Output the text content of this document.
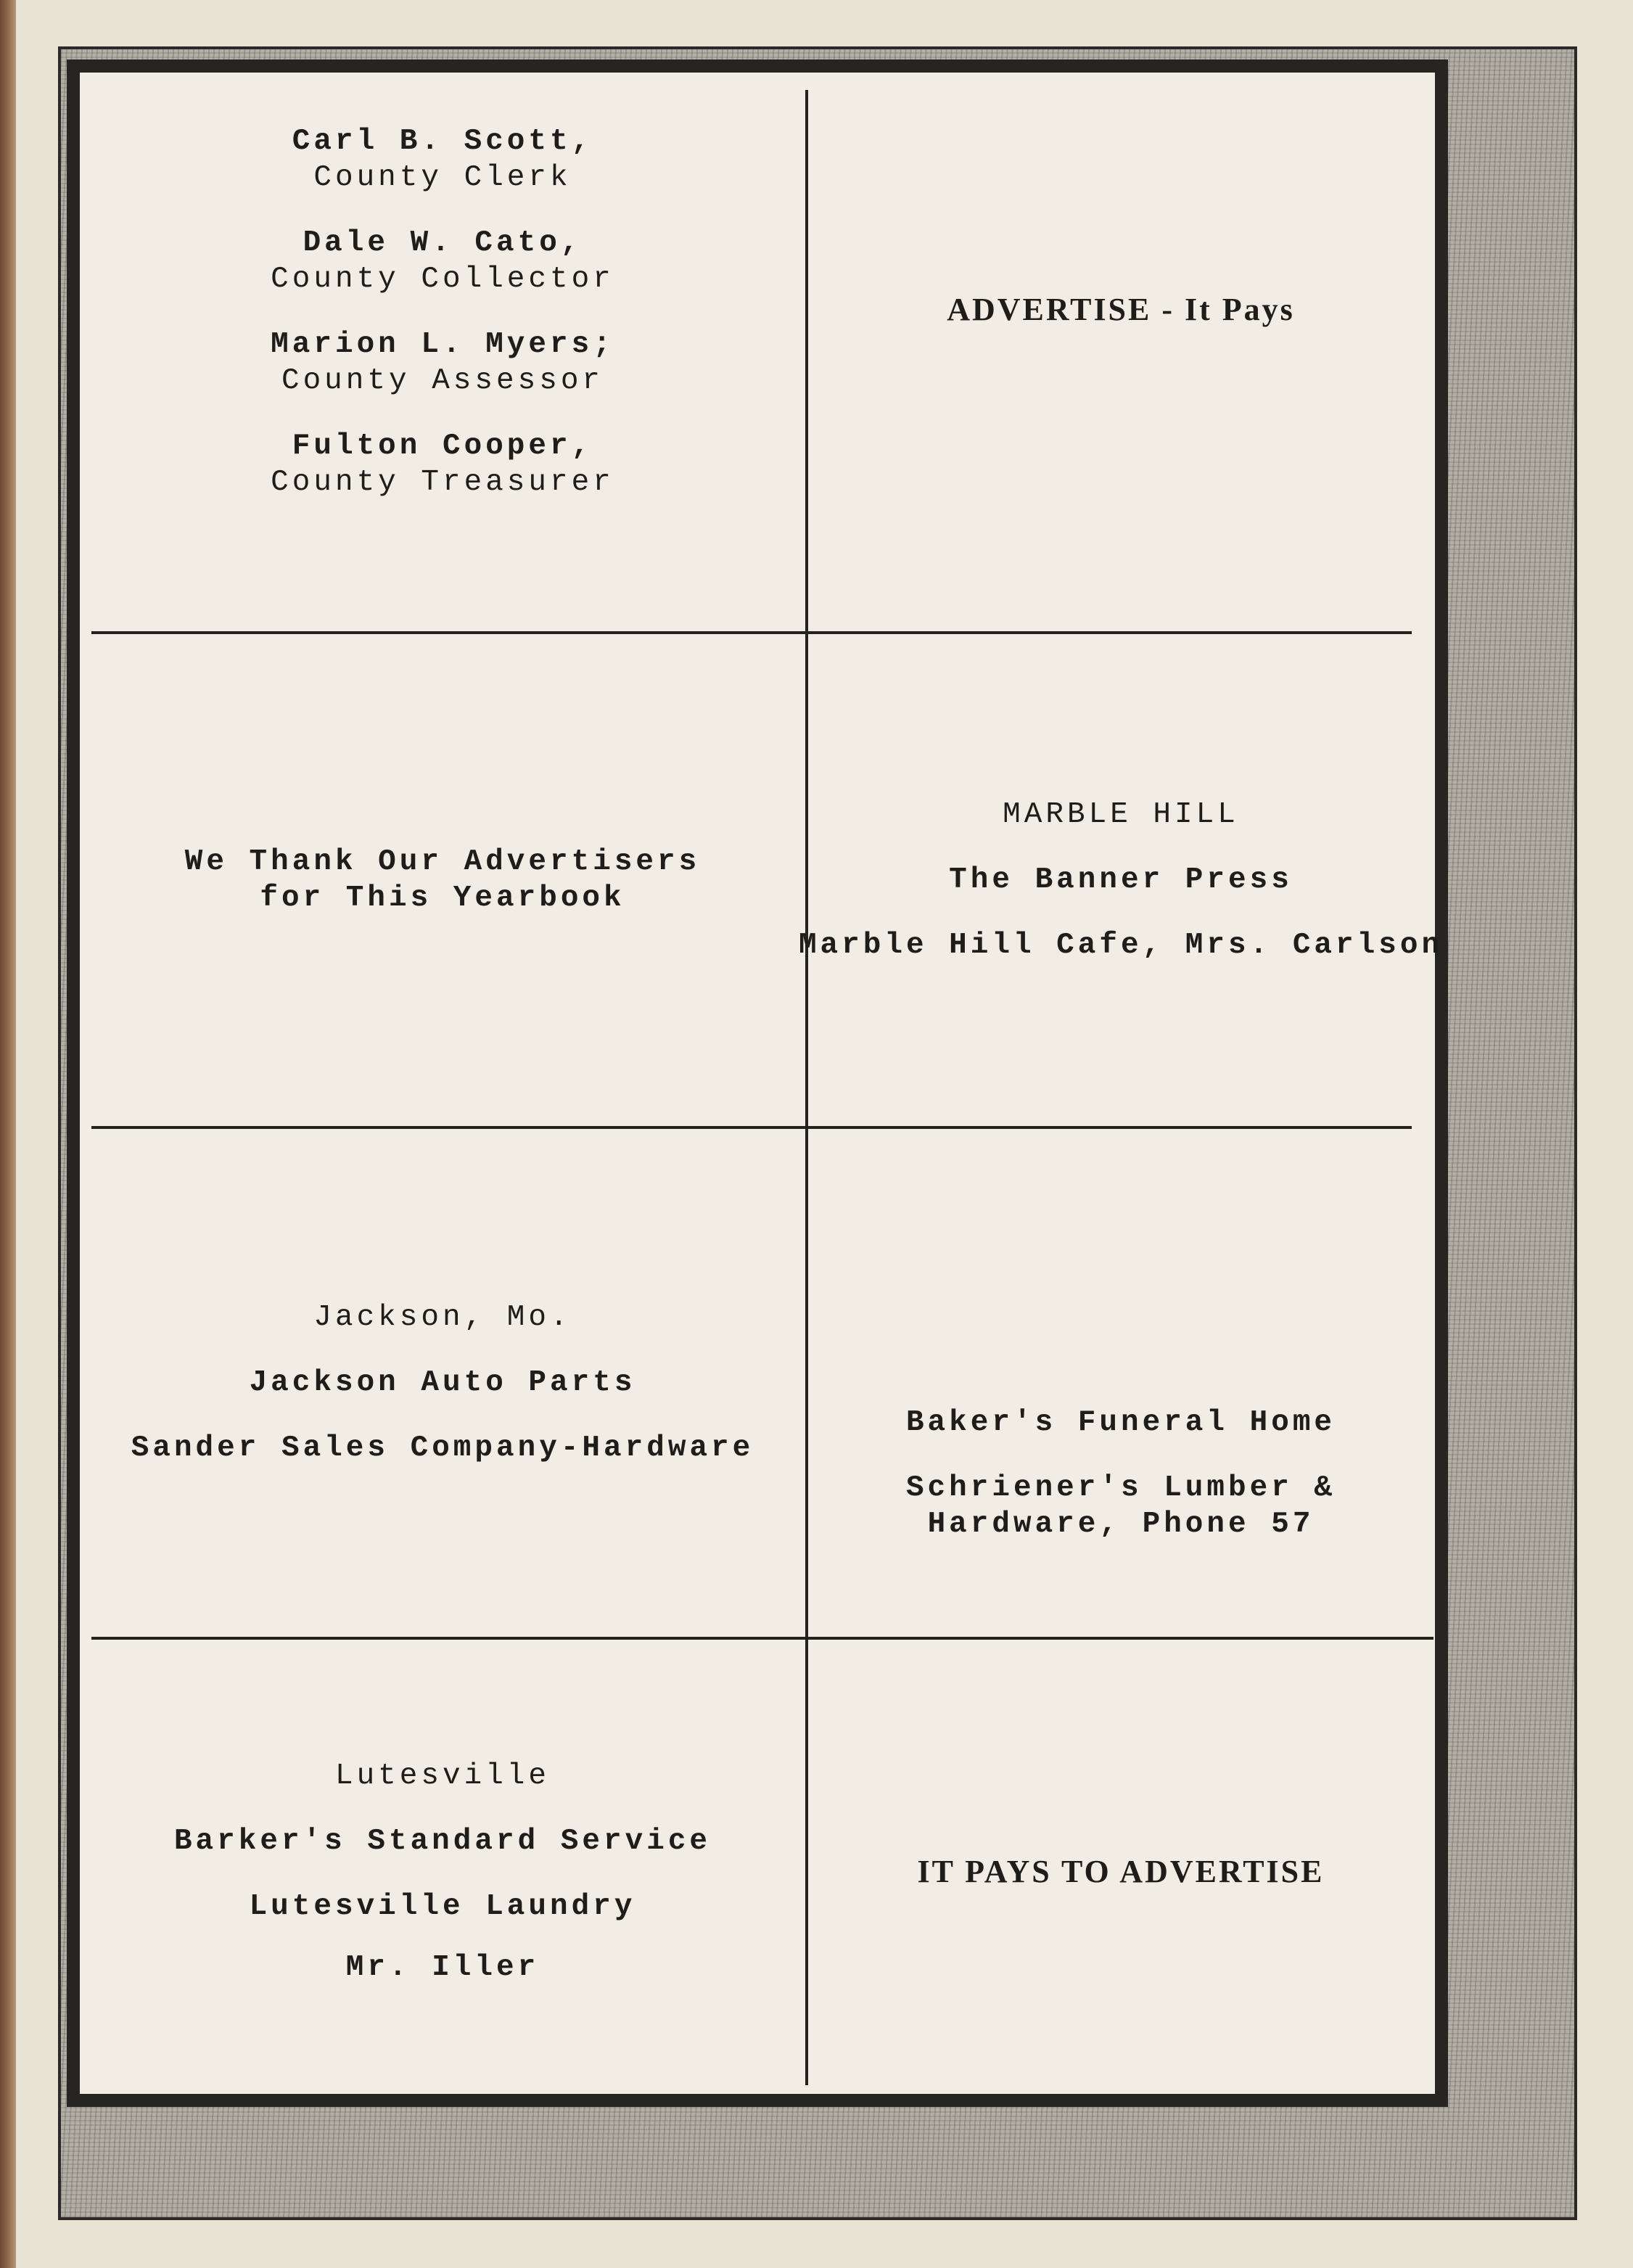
Carl B. Scott,
County Clerk
Dale W. Cato,
County Collector
Marion L. Myers;
County Assessor
Fulton Cooper,
County Treasurer
ADVERTISE - It Pays
We Thank Our Advertisers
for This Yearbook
MARBLE HILL
The Banner Press
Marble Hill Cafe, Mrs. Carlson
Jackson, Mo.
Jackson Auto Parts
Sander Sales Company-Hardware
Baker's Funeral Home
Schriener's Lumber &
Hardware, Phone 57
Lutesville
Barker's Standard Service
Lutesville Laundry
Mr. Iller
IT PAYS TO ADVERTISE
